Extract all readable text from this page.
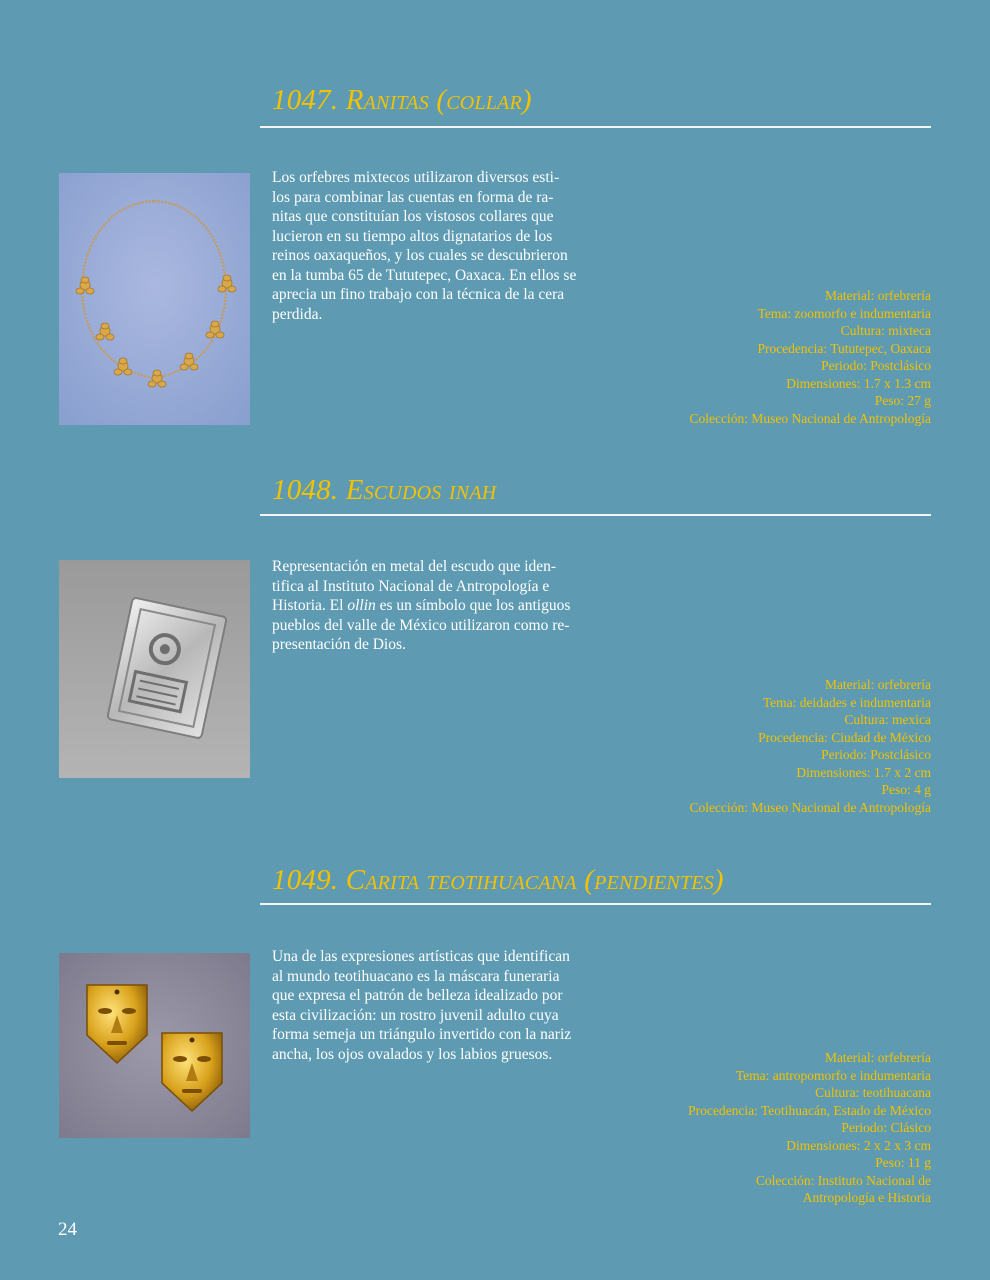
1047. Ranitas (collar)
Los orfebres mixtecos utilizaron diversos esti-
los para combinar las cuentas en forma de ra-
nitas que constituían los vistosos collares que
lucieron en su tiempo altos dignatarios de los
reinos oaxaqueños, y los cuales se descubrieron
en la tumba 65 de Tututepec, Oaxaca. En ellos se
aprecia un fino trabajo con la técnica de la cera
perdida.
Material: orfebrería
Tema: zoomorfo e indumentaria
Cultura: mixteca
Procedencia: Tututepec, Oaxaca
Periodo: Postclásico
Dimensiones: 1.7 x 1.3 cm
Peso: 27 g
Colección: Museo Nacional de Antropología
1048. Escudos inah
Representación en metal del escudo que iden-
tifica al Instituto Nacional de Antropología e
Historia. El ollin es un símbolo que los antiguos
pueblos del valle de México utilizaron como re-
presentación de Dios.
Material: orfebrería
Tema: deidades e indumentaria
Cultura: mexica
Procedencia: Ciudad de México
Periodo: Postclásico
Dimensiones: 1.7 x 2 cm
Peso: 4 g
Colección: Museo Nacional de Antropología
1049. Carita teotihuacana (pendientes)
Una de las expresiones artísticas que identifican
al mundo teotihuacano es la máscara funeraria
que expresa el patrón de belleza idealizado por
esta civilización: un rostro juvenil adulto cuya
forma semeja un triángulo invertido con la nariz
ancha, los ojos ovalados y los labios gruesos.	Material: orfebrería
Tema: antropomorfo e indumentaria
Cultura: teotihuacana
Procedencia: Teotihuacán, Estado de México
Periodo: Clásico
Dimensiones: 2 x 2 x 3 cm
Peso: 11 g
Colección: Instituto Nacional de
Antropología e Historia
24
